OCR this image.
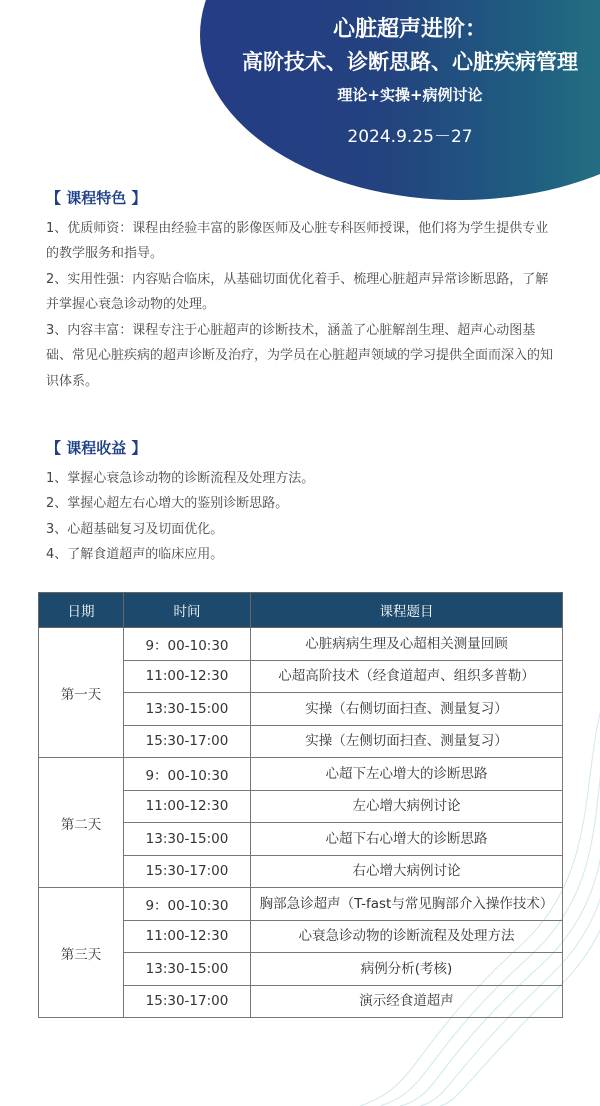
心脏超声进阶：
高阶技术、诊断思路、心脏疾病管理
理论+实操+病例讨论
2024.9.25－27
【 课程特色 】

1、优质师资：课程由经验丰富的影像医师及心脏专科医师授课，他们将为学生提供专业的教学服务和指导。

2、实用性强：内容贴合临床，从基础切面优化着手、梳理心脏超声异常诊断思路，了解并掌握心衰急诊动物的处理。

3、内容丰富：课程专注于心脏超声的诊断技术，涵盖了心脏解剖生理、超声心动图基础、常见心脏疾病的超声诊断及治疗，为学员在心脏超声领域的学习提供全面而深入的知识体系。

【 课程收益 】

1、掌握心衰急诊动物的诊断流程及处理方法。

2、掌握心超左右心增大的鉴别诊断思路。

3、心超基础复习及切面优化。

4、了解食道超声的临床应用。

日期	时间	课程题目
第一天	9：00-10:30	心脏病病生理及心超相关测量回顾
	11:00-12:30	心超高阶技术（经食道超声、组织多普勒）
	13:30-15:00	实操（右侧切面扫查、测量复习）
	15:30-17:00	实操（左侧切面扫查、测量复习）
第二天	9：00-10:30	心超下左心增大的诊断思路
	11:00-12:30	左心增大病例讨论
	13:30-15:00	心超下右心增大的诊断思路
	15:30-17:00	右心增大病例讨论
第三天	9：00-10:30	胸部急诊超声（T-fast与常见胸部介入操作技术）
	11:00-12:30	心衰急诊动物的诊断流程及处理方法
	13:30-15:00	病例分析(考核)
	15:30-17:00	演示经食道超声
